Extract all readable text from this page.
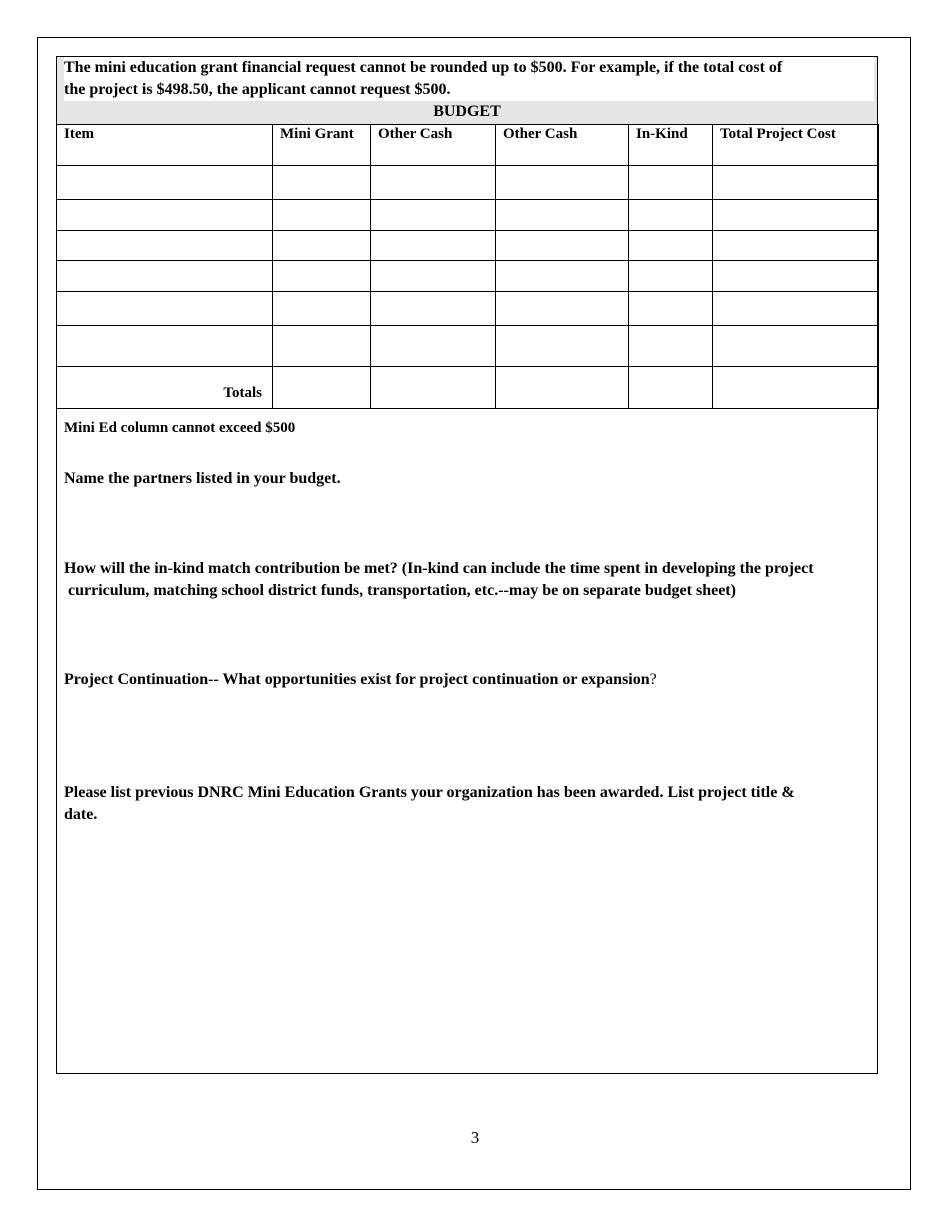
The mini education grant financial request cannot be rounded up to $500. For example, if the total cost of
the project is $498.50, the applicant cannot request $500.
BUDGET
Item	Mini Grant	Other Cash	Other Cash	In-Kind	Total Project Cost

Totals					
Mini Ed column cannot exceed $500
Name the partners listed in your budget.
How will the in-kind match contribution be met? (In-kind can include the time spent in developing the project
curriculum, matching school district funds, transportation, etc.--may be on separate budget sheet)
Project Continuation-- What opportunities exist for project continuation or expansion?
Please list previous DNRC Mini Education Grants your organization has been awarded. List project title &
date.
3
